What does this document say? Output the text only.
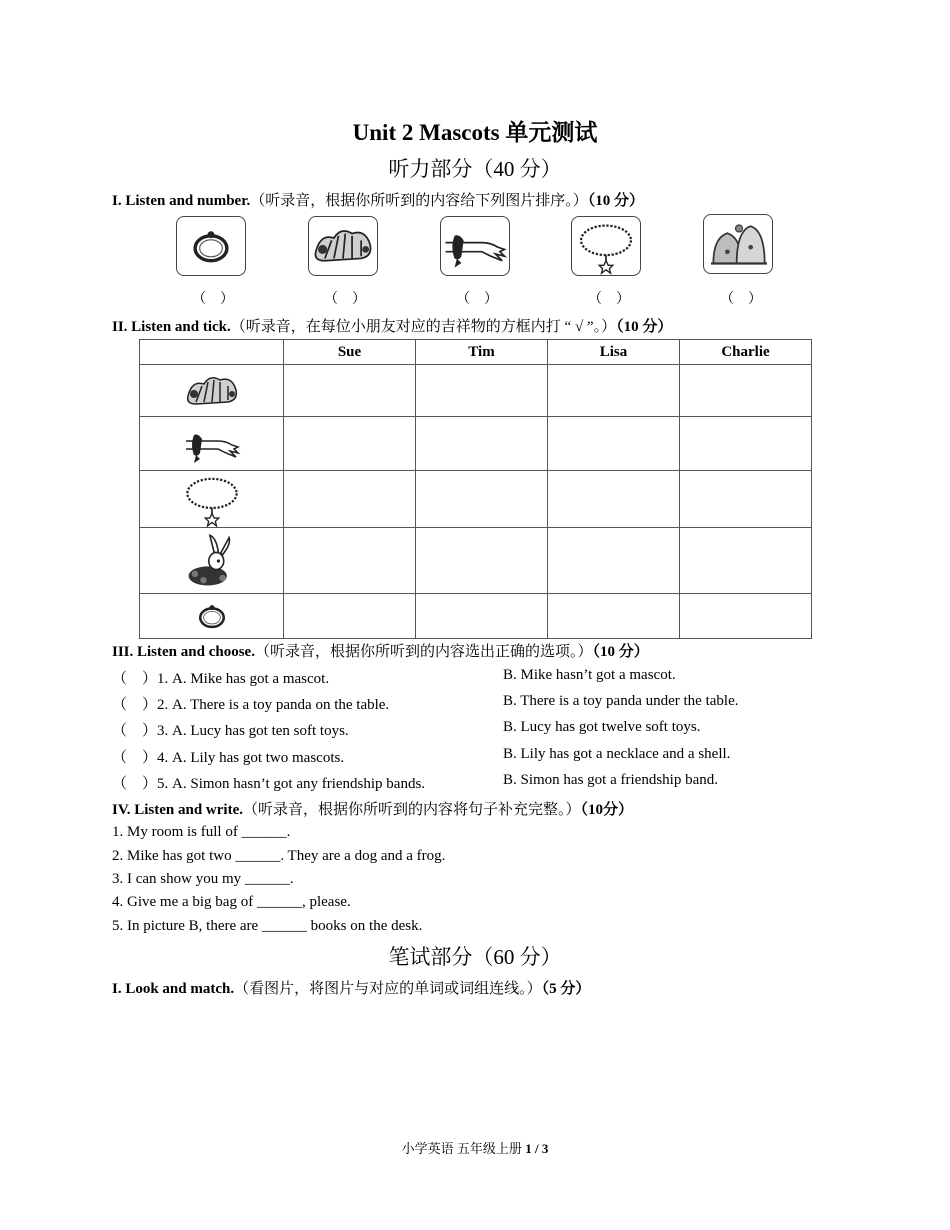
Unit 2 Mascots 单元测试
听力部分（40 分）
I. Listen and number.（听录音，根据你所听到的内容给下列图片排序。）（10 分）
（　）	（　）	（　）	（　）	（　）
II. Listen and tick.（听录音，在每位小朋友对应的吉祥物的方框内打 “ √ ”。）（10 分）
	Sue	Tim	Lisa	Charlie

III. Listen and choose.（听录音，根据你所听到的内容选出正确的选项。）（10 分）
（　）1. A. Mike has got a mascot.	B. Mike hasn’t got a mascot.
（　）2. A. There is a toy panda on the table.	B. There is a toy panda under the table.
（　）3. A. Lucy has got ten soft toys.	B. Lucy has got twelve soft toys.
（　）4. A. Lily has got two mascots.	B. Lily has got a necklace and a shell.
（　）5. A. Simon hasn’t got any friendship bands.	B. Simon has got a friendship band.
IV. Listen and write.（听录音，根据你所听到的内容将句子补充完整。）（10分）
1. My room is full of ______.
2. Mike has got two ______. They are a dog and a frog.
3. I can show you my ______.
4. Give me a big bag of ______, please.
5. In picture B, there are ______ books on the desk.
笔试部分（60 分）
I. Look and match.（看图片，将图片与对应的单词或词组连线。）（5 分）
小学英语 五年级上册 1 / 3
